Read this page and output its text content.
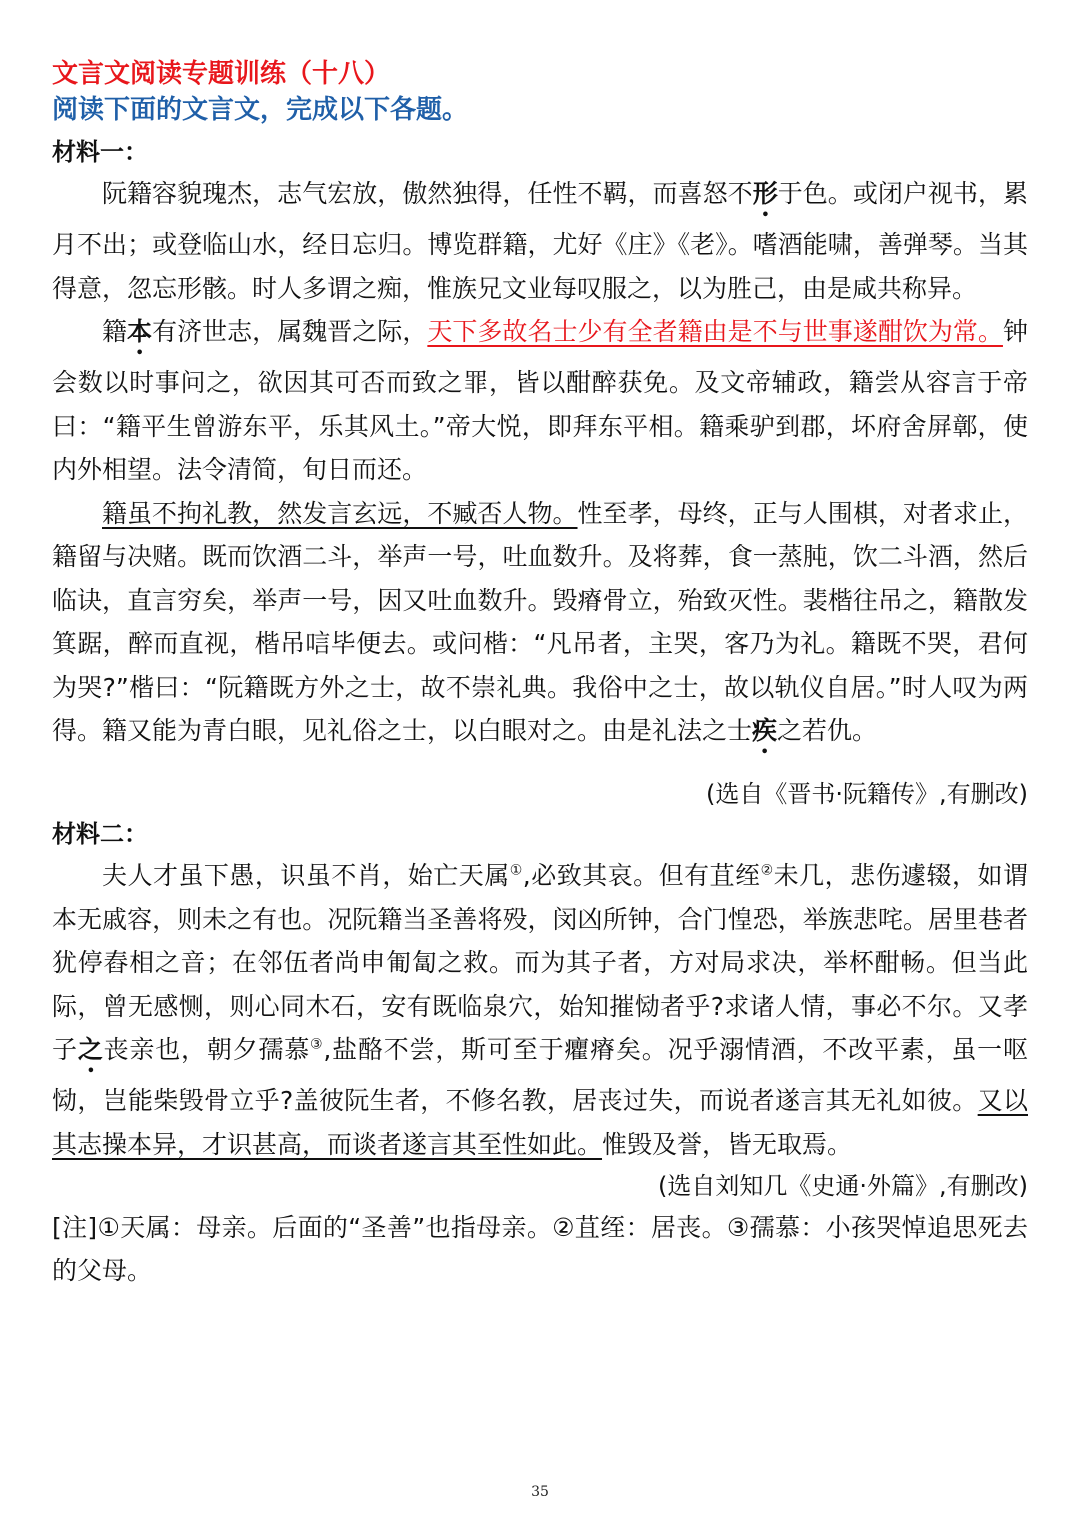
文言文阅读专题训练（十八）
阅读下面的文言文，完成以下各题。
材料一：

阮籍容貌瑰杰，志气宏放，傲然独得，任性不羁，而喜怒不形于色。或闭户视书，累月不出；或登临山水，经日忘归。博览群籍，尤好《庄》《老》。嗜酒能啸，善弹琴。当其得意，忽忘形骸。时人多谓之痴，惟族兄文业每叹服之，以为胜己，由是咸共称异。

籍本有济世志，属魏晋之际，天下多故名士少有全者籍由是不与世事遂酣饮为常。钟会数以时事问之，欲因其可否而致之罪，皆以酣醉获免。及文帝辅政，籍尝从容言于帝曰：“籍平生曾游东平，乐其风土。”帝大悦，即拜东平相。籍乘驴到郡，坏府舍屏鄣，使内外相望。法令清简，旬日而还。

籍虽不拘礼教，然发言玄远，不臧否人物。性至孝，母终，正与人围棋，对者求止，籍留与决赌。既而饮酒二斗，举声一号，吐血数升。及将葬，食一蒸肫，饮二斗酒，然后临诀，直言穷矣，举声一号，因又吐血数升。毁瘠骨立，殆致灭性。裴楷往吊之，籍散发箕踞，醉而直视，楷吊唁毕便去。或问楷：“凡吊者，主哭，客乃为礼。籍既不哭，君何为哭?”楷曰：“阮籍既方外之士，故不崇礼典。我俗中之士，故以轨仪自居。”时人叹为两得。籍又能为青白眼，见礼俗之士，以白眼对之。由是礼法之士疾之若仇。

(选自《晋书·阮籍传》,有删改)
材料二：

夫人才虽下愚，识虽不肖，始亡天属①,必致其哀。但有苴绖②未几，悲伤遽辍，如谓本无戚容，则未之有也。况阮籍当圣善将殁，闵凶所钟，合门惶恐，举族悲咤。居里巷者犹停舂相之音；在邻伍者尚申匍匐之救。而为其子者，方对局求决，举杯酣畅。但当此际，曾无感恻，则心同木石，安有既临泉穴，始知摧恸者乎?求诸人情，事必不尔。又孝子之丧亲也，朝夕孺慕③,盐酪不尝，斯可至于癯瘠矣。况乎溺情酒，不改平素，虽一呕恸，岂能柴毁骨立乎?盖彼阮生者，不修名教，居丧过失，而说者遂言其无礼如彼。又以其志操本异，才识甚高，而谈者遂言其至性如此。惟毁及誉，皆无取焉。

(选自刘知几《史通·外篇》,有删改)

[注]①天属：母亲。后面的“圣善”也指母亲。②苴绖：居丧。③孺慕：小孩哭悼追思死去的父母。

35
